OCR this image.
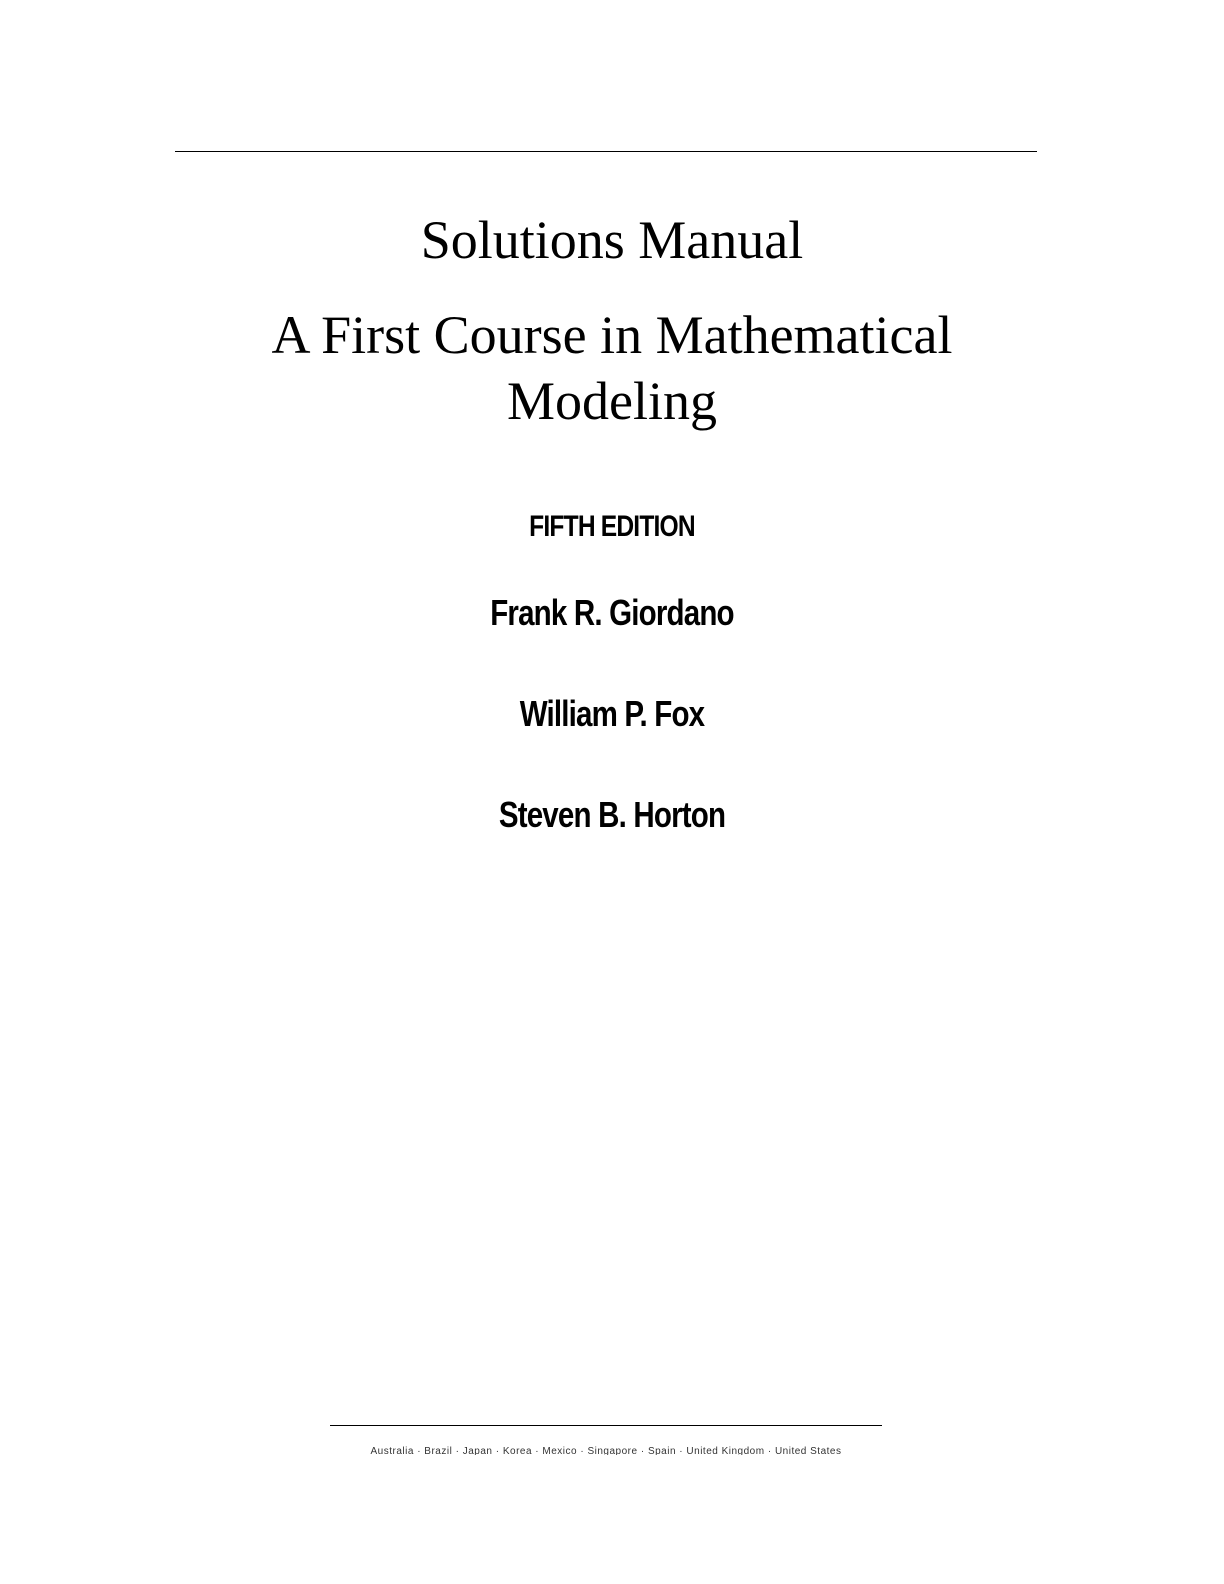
Solutions Manual
A First Course in Mathematical
Modeling
FIFTH EDITION
Frank R. Giordano
William P. Fox
Steven B. Horton
Australia · Brazil · Japan · Korea · Mexico · Singapore · Spain · United Kingdom · United States
